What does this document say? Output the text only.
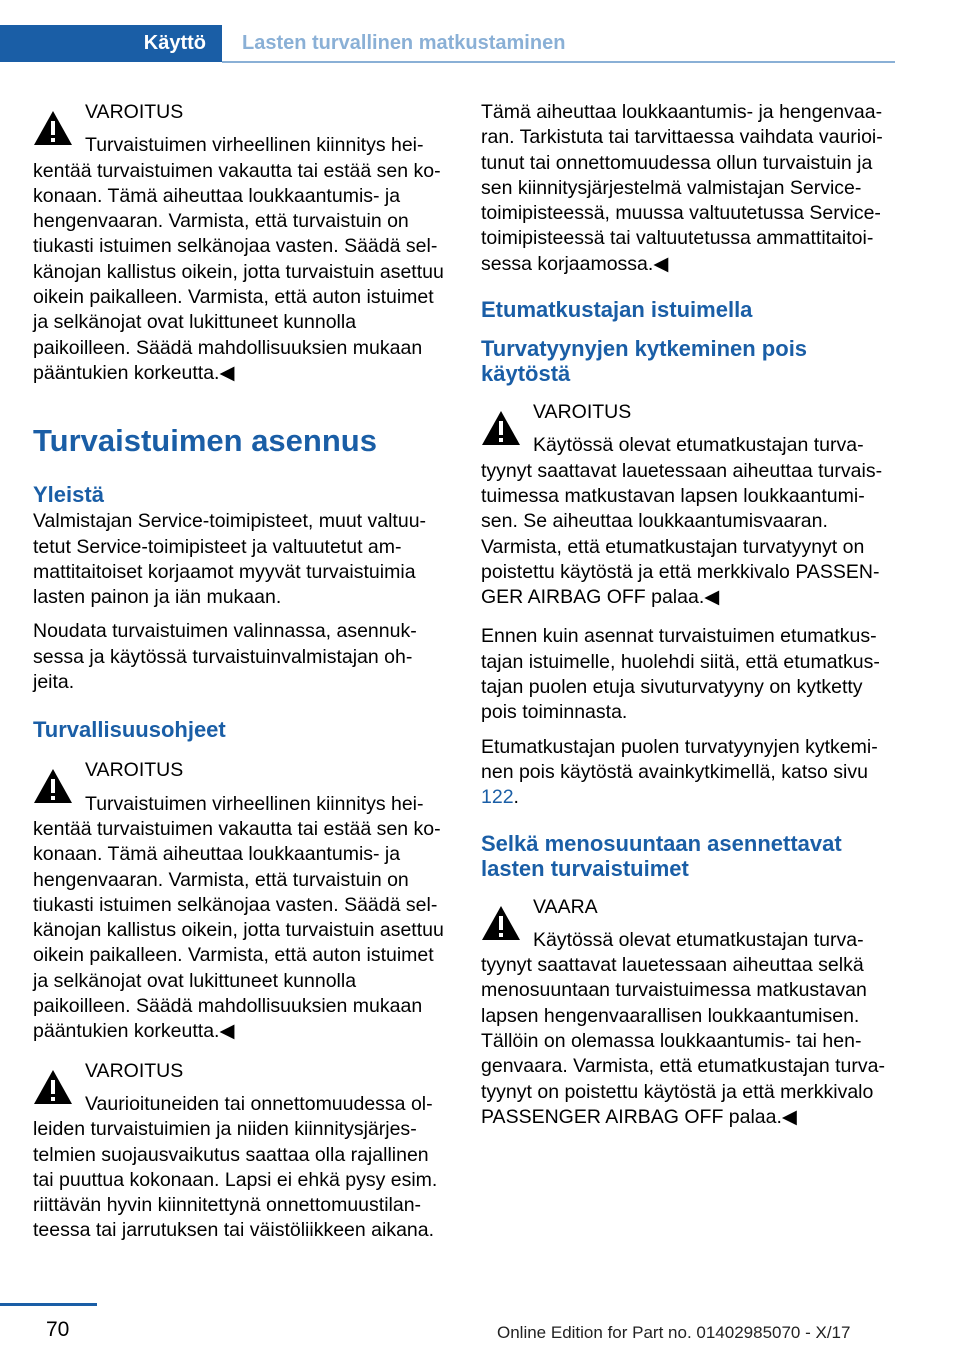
Käyttö	Lasten turvallinen matkustaminen
VAROITUS
Turvaistuimen virheellinen kiinnitys heikentää turvaistuimen vakautta tai estää sen kokonaan. Tämä aiheuttaa loukkaantumis- ja hengenvaaran. Varmista, että turvaistuin on tiukasti istuimen selkänojaa vasten. Säädä selkänojan kallistus oikein, jotta turvaistuin asettuu oikein paikalleen. Varmista, että auton istuimet ja selkänojat ovat lukittuneet kunnolla paikoilleen. Säädä mahdollisuuksien mukaan pääntukien korkeutta.◀
Turvaistuimen asennus
Yleistä

Valmistajan Service-toimipisteet, muut valtuutetut Service-toimipisteet ja valtuutetut ammattitaitoiset korjaamot myyvät turvaistuimia lasten painon ja iän mukaan.

Noudata turvaistuimen valinnassa, asennuksessa ja käytössä turvaistuinvalmistajan ohjeita.

Turvallisuusohjeet
VAROITUS
Turvaistuimen virheellinen kiinnitys heikentää turvaistuimen vakautta tai estää sen kokonaan. Tämä aiheuttaa loukkaantumis- ja hengenvaaran. Varmista, että turvaistuin on tiukasti istuimen selkänojaa vasten. Säädä selkänojan kallistus oikein, jotta turvaistuin asettuu oikein paikalleen. Varmista, että auton istuimet ja selkänojat ovat lukittuneet kunnolla paikoilleen. Säädä mahdollisuuksien mukaan pääntukien korkeutta.◀
VAROITUS
Vaurioituneiden tai onnettomuudessa olleiden turvaistuimien ja niiden kiinnitysjärjestelmien suojausvaikutus saattaa olla rajallinen tai puuttua kokonaan. Lapsi ei ehkä pysy esim. riittävän hyvin kiinnitettynä onnettomuustilanteessa tai jarrutuksen tai väistöliikkeen aikana.

Tämä aiheuttaa loukkaantumis- ja hengenvaaran. Tarkistuta tai tarvittaessa vaihdata vaurioitunut tai onnettomuudessa ollun turvaistuin ja sen kiinnitysjärjestelmä valmistajan Service-toimipisteessä, muussa valtuutetussa Service-toimipisteessä tai valtuutetussa ammattitaitoisessa korjaamossa.◀

Etumatkustajan istuimella
Turvatyynyjen kytkeminen pois käytöstä
VAROITUS
Käytössä olevat etumatkustajan turvatyynyt saattavat lauetessaan aiheuttaa turvaistuimessa matkustavan lapsen loukkaantumisen. Se aiheuttaa loukkaantumisvaaran. Varmista, että etumatkustajan turvatyynyt on poistettu käytöstä ja että merkkivalo PASSENGER AIRBAG OFF palaa.◀

Ennen kuin asennat turvaistuimen etumatkustajan istuimelle, huolehdi siitä, että etumatkustajan puolen etuja sivuturvatyyny on kytketty pois toiminnasta.

Etumatkustajan puolen turvatyynyjen kytkeminen pois käytöstä avainkytkimellä, katso sivu 122.

Selkä menosuuntaan asennettavat lasten turvaistuimet
VAARA
Käytössä olevat etumatkustajan turvatyynyt saattavat lauetessaan aiheuttaa selkä menosuuntaan turvaistuimessa matkustavan lapsen hengenvaarallisen loukkaantumisen. Tällöin on olemassa loukkaantumis- tai hengenvaara. Varmista, että etumatkustajan turvatyynyt on poistettu käytöstä ja että merkkivalo PASSENGER AIRBAG OFF palaa.◀
70	Online Edition for Part no. 01402985070 - X/17
